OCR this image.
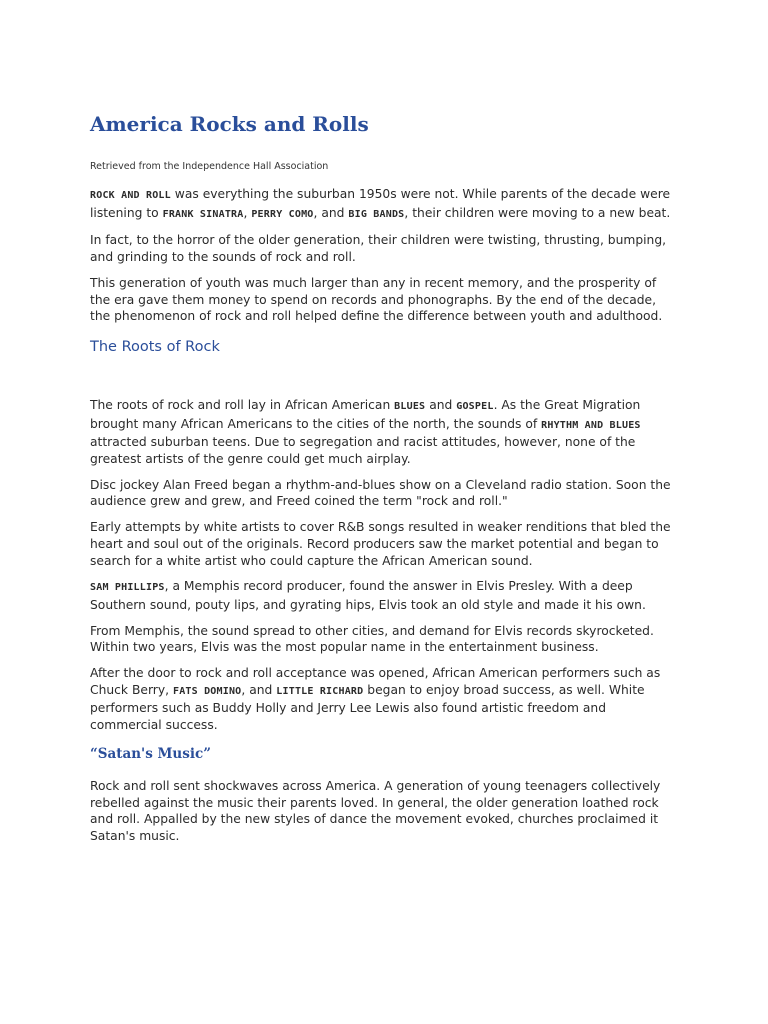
America Rocks and Rolls
Retrieved from the Independence Hall Association

ROCK AND ROLL was everything the suburban 1950s were not. While parents of the decade were listening to FRANK SINATRA, PERRY COMO, and BIG BANDS, their children were moving to a new beat.

In fact, to the horror of the older generation, their children were twisting, thrusting, bumping, and grinding to the sounds of rock and roll.

This generation of youth was much larger than any in recent memory, and the prosperity of the era gave them money to spend on records and phonographs. By the end of the decade, the phenomenon of rock and roll helped define the difference between youth and adulthood.

The Roots of Rock

The roots of rock and roll lay in African American BLUES and GOSPEL. As the Great Migration brought many African Americans to the cities of the north, the sounds of RHYTHM AND BLUES attracted suburban teens. Due to segregation and racist attitudes, however, none of the greatest artists of the genre could get much airplay.

Disc jockey Alan Freed began a rhythm-and-blues show on a Cleveland radio station. Soon the audience grew and grew, and Freed coined the term "rock and roll."

Early attempts by white artists to cover R&B songs resulted in weaker renditions that bled the heart and soul out of the originals. Record producers saw the market potential and began to search for a white artist who could capture the African American sound.

SAM PHILLIPS, a Memphis record producer, found the answer in Elvis Presley. With a deep Southern sound, pouty lips, and gyrating hips, Elvis took an old style and made it his own.

From Memphis, the sound spread to other cities, and demand for Elvis records skyrocketed. Within two years, Elvis was the most popular name in the entertainment business.

After the door to rock and roll acceptance was opened, African American performers such as Chuck Berry, FATS DOMINO, and LITTLE RICHARD began to enjoy broad success, as well. White performers such as Buddy Holly and Jerry Lee Lewis also found artistic freedom and commercial success.

“Satan's Music”

Rock and roll sent shockwaves across America. A generation of young teenagers collectively rebelled against the music their parents loved. In general, the older generation loathed rock and roll. Appalled by the new styles of dance the movement evoked, churches proclaimed it Satan's music.
